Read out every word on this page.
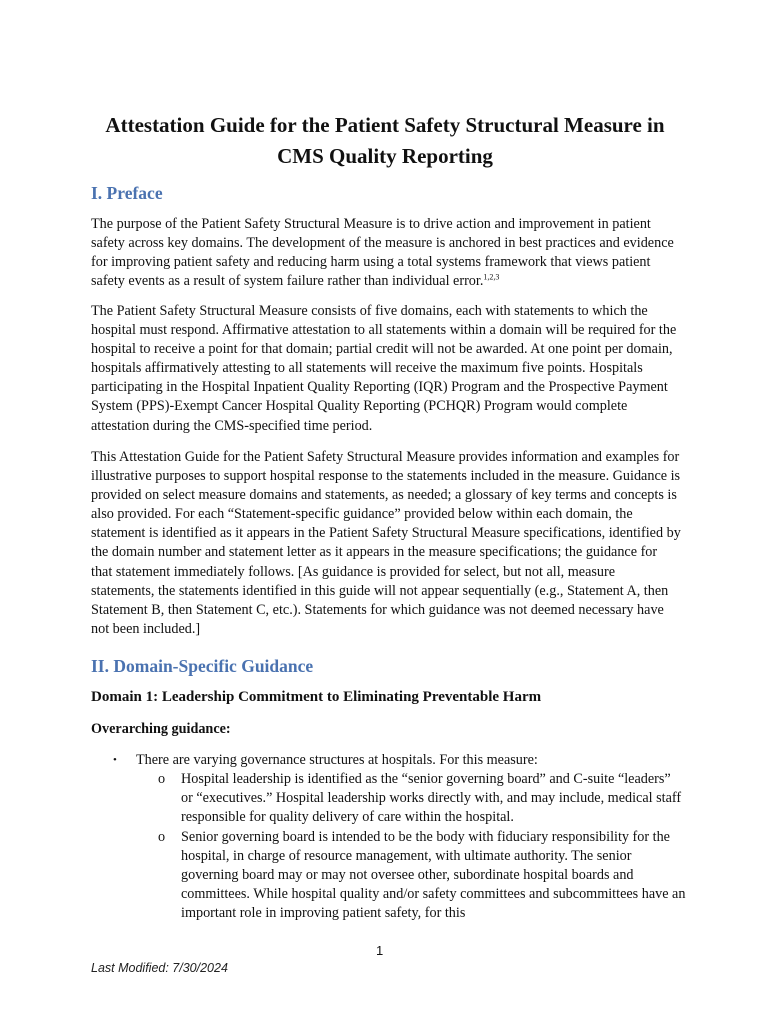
Attestation Guide for the Patient Safety Structural Measure in
CMS Quality Reporting
I. Preface

The purpose of the Patient Safety Structural Measure is to drive action and improvement in patient safety across key domains. The development of the measure is anchored in best practices and evidence for improving patient safety and reducing harm using a total systems framework that views patient safety events as a result of system failure rather than individual error.$^{1,2,3}$

The Patient Safety Structural Measure consists of five domains, each with statements to which the hospital must respond. Affirmative attestation to all statements within a domain will be required for the hospital to receive a point for that domain; partial credit will not be awarded. At one point per domain, hospitals affirmatively attesting to all statements will receive the maximum five points. Hospitals participating in the Hospital Inpatient Quality Reporting (IQR) Program and the Prospective Payment System (PPS)-Exempt Cancer Hospital Quality Reporting (PCHQR) Program would complete attestation during the CMS-specified time period.

This Attestation Guide for the Patient Safety Structural Measure provides information and examples for illustrative purposes to support hospital response to the statements included in the measure. Guidance is provided on select measure domains and statements, as needed; a glossary of key terms and concepts is also provided. For each “Statement-specific guidance” provided below within each domain, the statement is identified as it appears in the Patient Safety Structural Measure specifications, identified by the domain number and statement letter as it appears in the measure specifications; the guidance for that statement immediately follows. [As guidance is provided for select, but not all, measure statements, the statements identified in this guide will not appear sequentially (e.g., Statement A, then Statement B, then Statement C, etc.). Statements for which guidance was not deemed necessary have not been included.]

II. Domain-Specific Guidance
Domain 1: Leadership Commitment to Eliminating Preventable Harm
Overarching guidance:
• There are varying governance structures at hospitals. For this measure:
o Hospital leadership is identified as the “senior governing board” and C-suite “leaders” or “executives.” Hospital leadership works directly with, and may include, medical staff responsible for quality delivery of care within the hospital.
o Senior governing board is intended to be the body with fiduciary responsibility for the hospital, in charge of resource management, with ultimate authority. The senior governing board may or may not oversee other, subordinate hospital boards and committees. While hospital quality and/or safety committees and subcommittees have an important role in improving patient safety, for this
1
Last Modified: 7/30/2024
